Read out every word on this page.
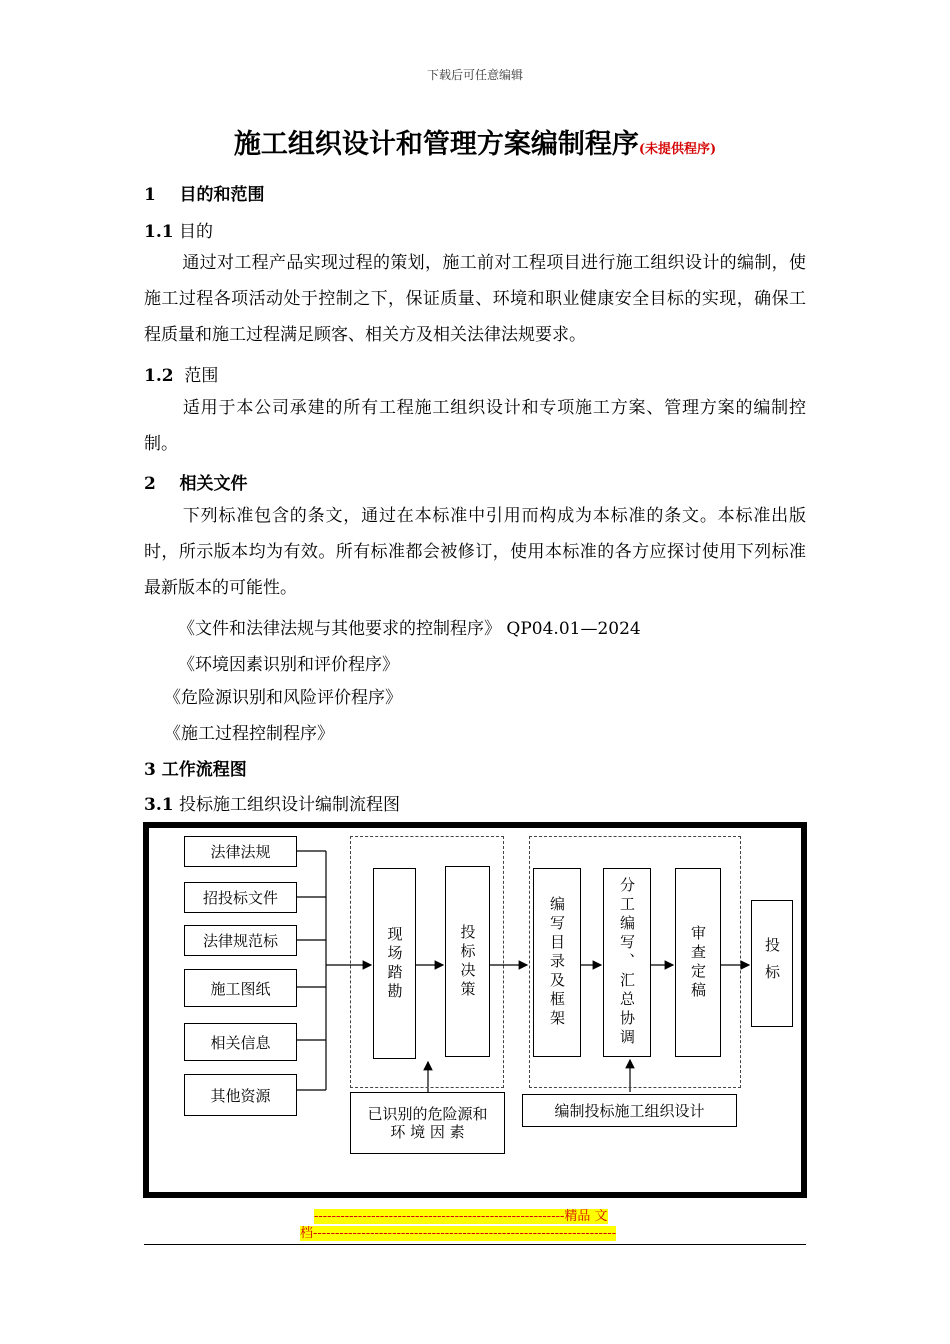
下载后可任意编辑
施工组织设计和管理方案编制程序(未提供程序)
1 目的和范围
1.1 目的
通过对工程产品实现过程的策划，施工前对工程项目进行施工组织设计的编制，使施工过程各项活动处于控制之下，保证质量、环境和职业健康安全目标的实现，确保工程质量和施工过程满足顾客、相关方及相关法律法规要求。
1.2 范围
适用于本公司承建的所有工程施工组织设计和专项施工方案、管理方案的编制控制。
2 相关文件
下列标准包含的条文，通过在本标准中引用而构成为本标准的条文。本标准出版时，所示版本均为有效。所有标准都会被修订，使用本标准的各方应探讨使用下列标准最新版本的可能性。
《文件和法律法规与其他要求的控制程序》 QP04.01—2024
《环境因素识别和评价程序》
《危险源识别和风险评价程序》
《施工过程控制程序》
3 工作流程图
3.1 投标施工组织设计编制流程图
法律法规
招投标文件
法律规范标
施工图纸
相关信息
其他资源
现场踏勘	投标决策
已识别的危险源和 环 境 因 素
编写目录及框架	分工编写、汇总协调	审查定稿
编制投标施工组织设计
投标
---------------------------------------------------------精品 文
档---------------------------------------------------------------------
